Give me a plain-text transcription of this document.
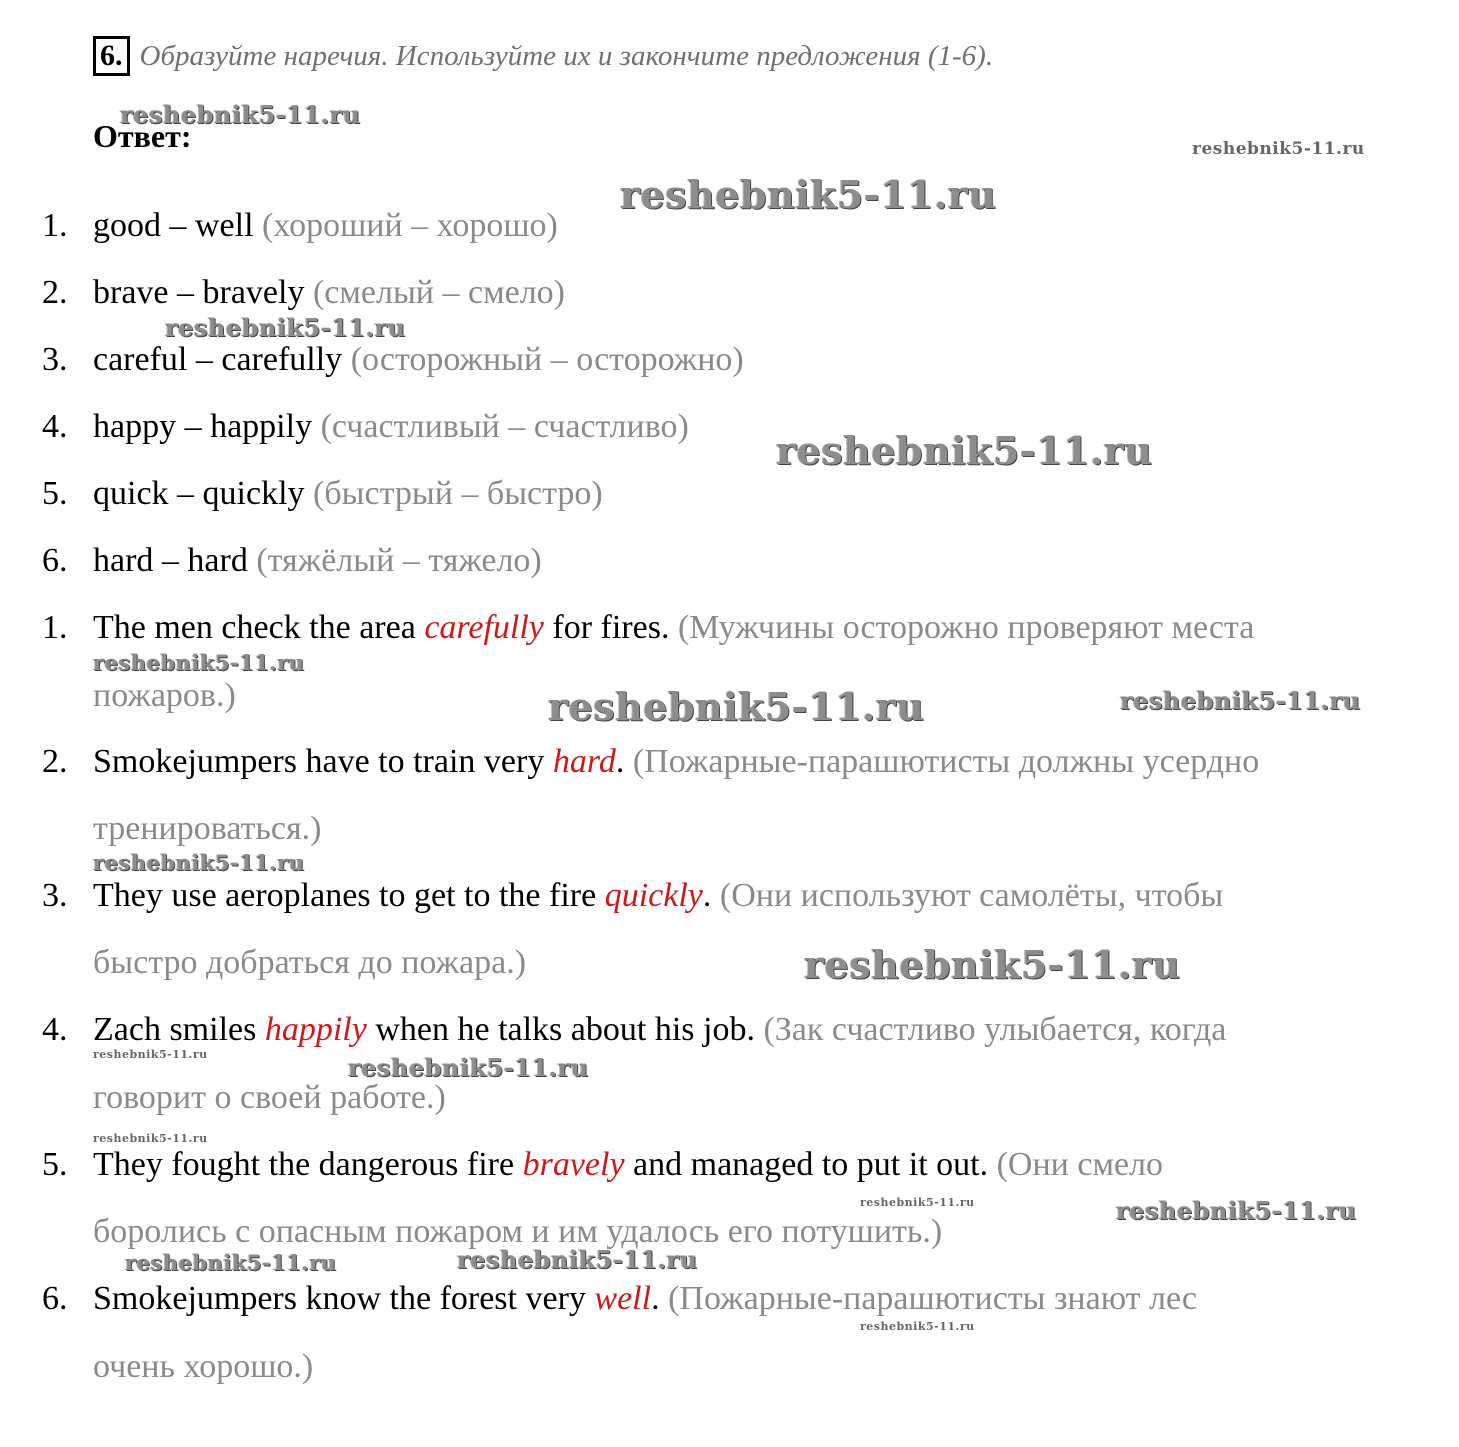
6. Образуйте наречия. Используйте их и закончите предложения (1-6).
Ответ:
1. good – well (хороший – хорошо)
2. brave – bravely (смелый – смело)
3. careful – carefully (осторожный – осторожно)
4. happy – happily (счастливый – счастливо)
5. quick – quickly (быстрый – быстро)
6. hard – hard (тяжёлый – тяжело)
1. The men check the area carefully for fires. (Мужчины осторожно проверяют места
пожаров.)
2. Smokejumpers have to train very hard. (Пожарные-парашютисты должны усердно
тренироваться.)
3. They use aeroplanes to get to the fire quickly. (Они используют самолёты, чтобы
быстро добраться до пожара.)
4. Zach smiles happily when he talks about his job. (Зак счастливо улыбается, когда
говорит о своей работе.)
5. They fought the dangerous fire bravely and managed to put it out. (Они смело
боролись с опасным пожаром и им удалось его потушить.)
6. Smokejumpers know the forest very well. (Пожарные-парашютисты знают лес
очень хорошо.)
reshebnik5-11.ru
reshebnik5-11.ru
reshebnik5-11.ru
reshebnik5-11.ru
reshebnik5-11.ru
reshebnik5-11.ru
reshebnik5-11.ru	reshebnik5-11.ru
reshebnik5-11.ru
reshebnik5-11.ru
reshebnik5-11.ru	reshebnik5-11.ru
reshebnik5-11.ru
reshebnik5-11.ru	reshebnik5-11.ru
reshebnik5-11.ru
reshebnik5-11.ru
reshebnik5-11.ru
